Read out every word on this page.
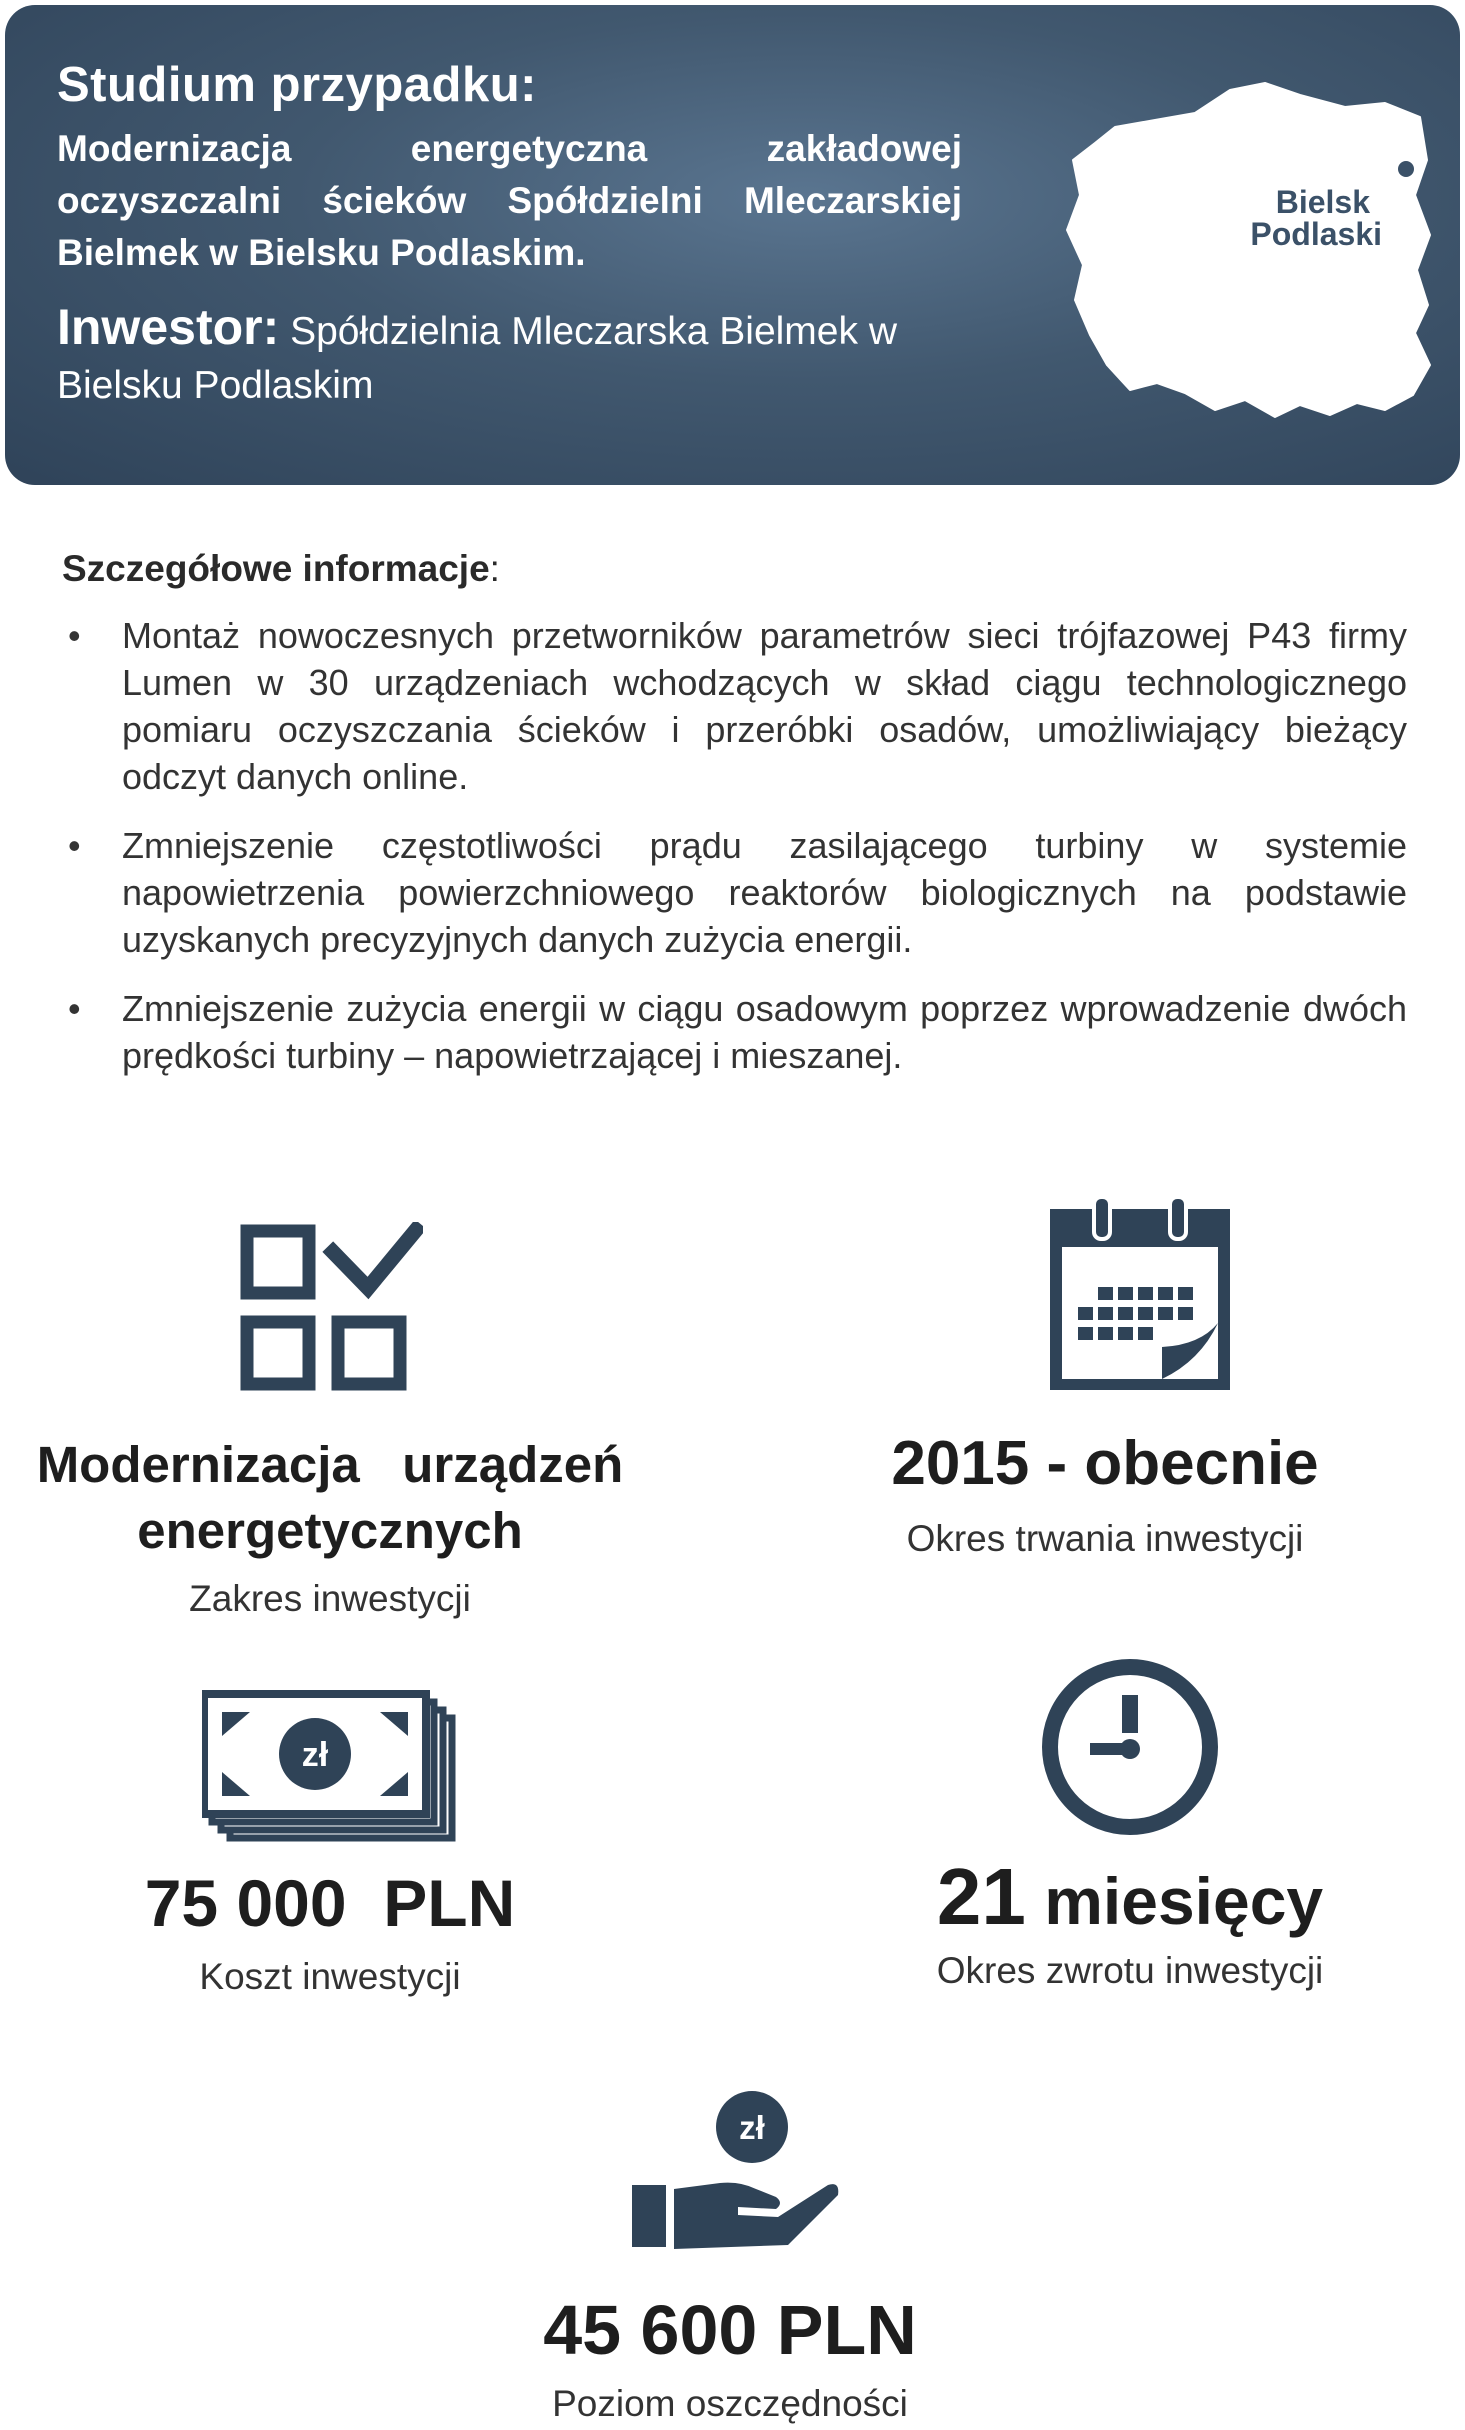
Studium przypadku:
Modernizacja energetyczna zakładowej oczyszczalni ścieków Spółdzielni Mleczarskiej Bielmek w Bielsku Podlaskim.
Inwestor: Spółdzielnia Mleczarska Bielmek w Bielsku Podlaskim
Bielsk
Podlaski
Szczegółowe informacje:
• Montaż nowoczesnych przetworników parametrów sieci trójfazowej P43 firmy Lumen w 30 urządzeniach wchodzących w skład ciągu technologicznego pomiaru oczyszczania ścieków i przeróbki osadów, umożliwiający bieżący odczyt danych online.
• Zmniejszenie częstotliwości prądu zasilającego turbiny w systemie napowietrzenia powierzchniowego reaktorów biologicznych na podstawie uzyskanych precyzyjnych danych zużycia energii.
• Zmniejszenie zużycia energii w ciągu osadowym poprzez wprowadzenie dwóch prędkości turbiny – napowietrzającej i mieszanej.
Modernizacja   urządzeń
energetycznych
Zakres inwestycji
2015 - obecnie
Okres trwania inwestycji
zł
75 000  PLN
Koszt inwestycji
21 miesięcy
Okres zwrotu inwestycji
zł
45 600 PLN
Poziom oszczędności
